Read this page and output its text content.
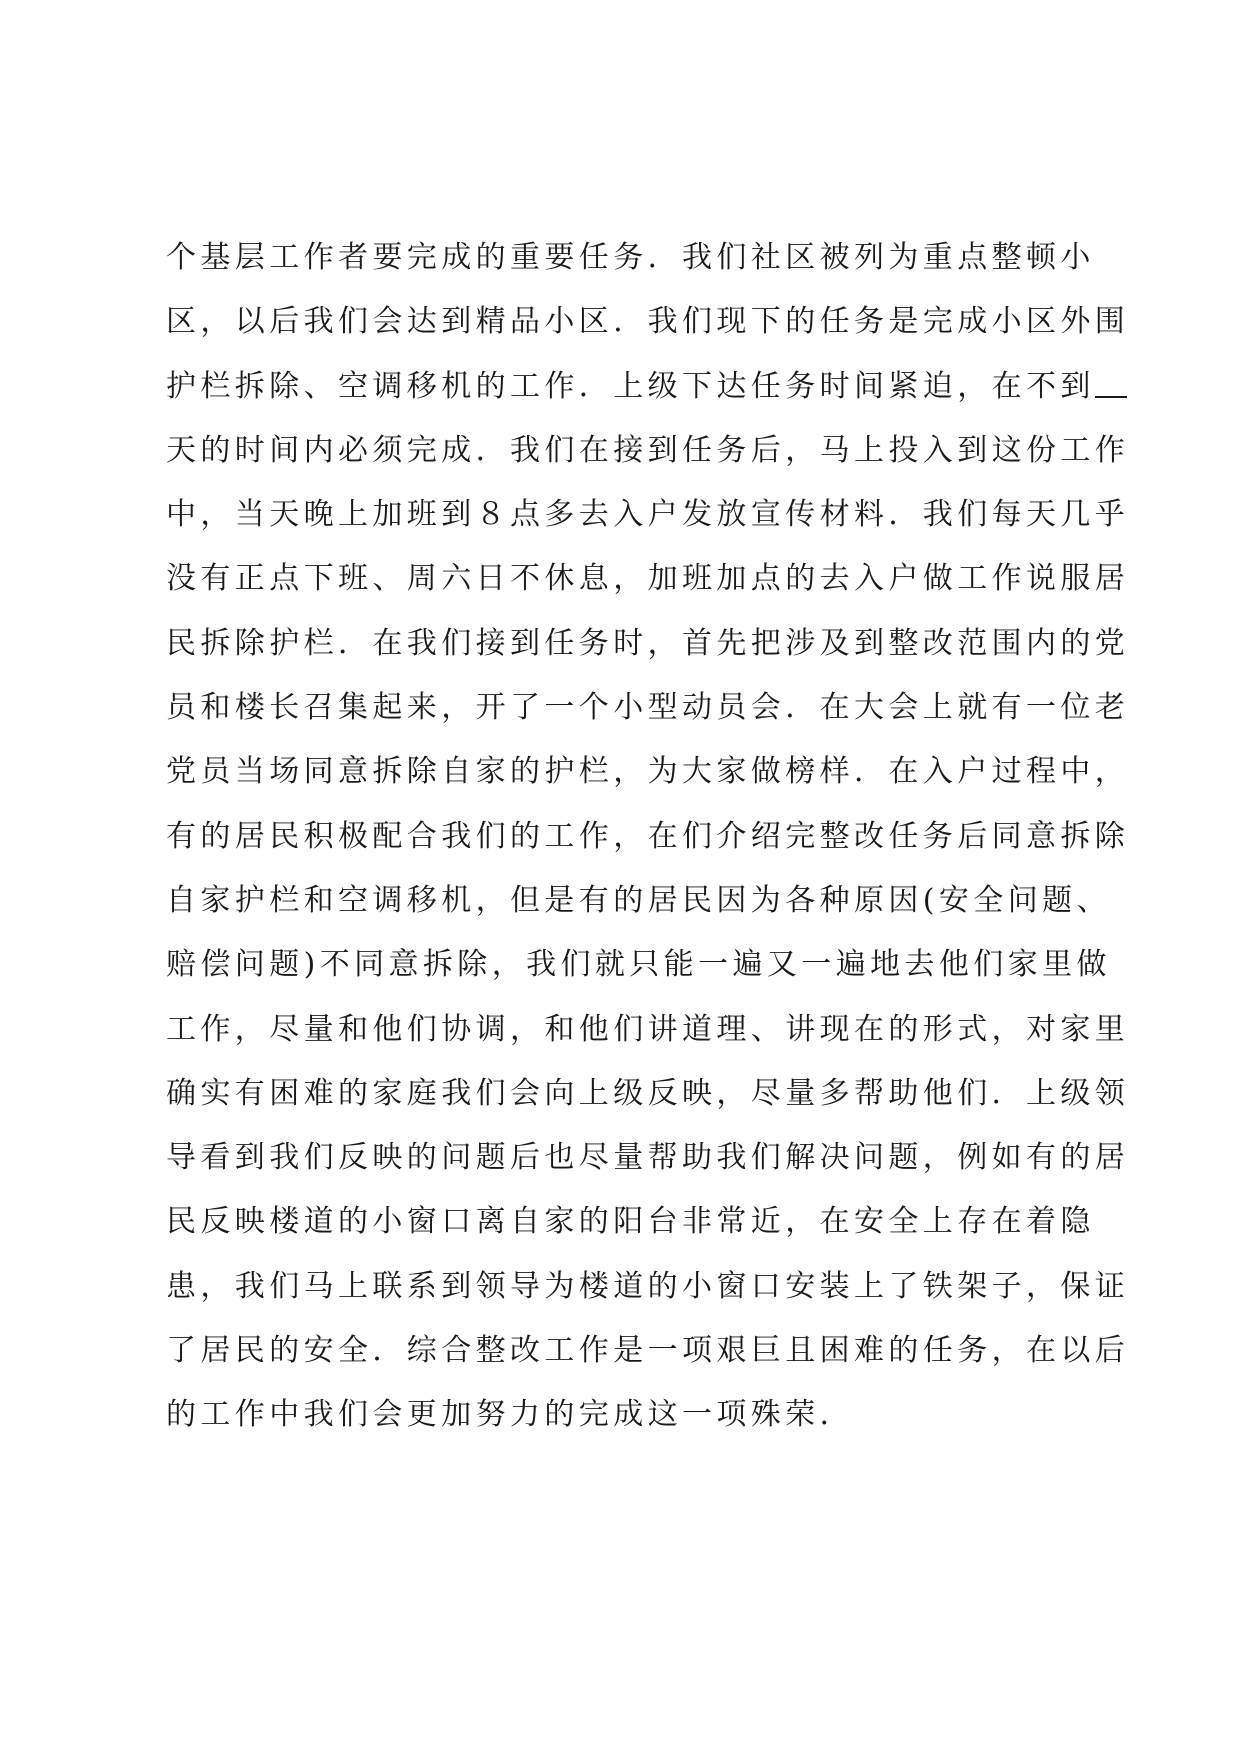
个基层工作者要完成的重要任务．我们社区被列为重点整顿小
区，以后我们会达到精品小区．我们现下的任务是完成小区外围
护栏拆除、空调移机的工作．上级下达任务时间紧迫，在不到
天的时间内必须完成．我们在接到任务后，马上投入到这份工作
中，当天晚上加班到８点多去入户发放宣传材料．我们每天几乎
没有正点下班、周六日不休息，加班加点的去入户做工作说服居
民拆除护栏．在我们接到任务时，首先把涉及到整改范围内的党
员和楼长召集起来，开了一个小型动员会．在大会上就有一位老
党员当场同意拆除自家的护栏，为大家做榜样．在入户过程中，
有的居民积极配合我们的工作，在们介绍完整改任务后同意拆除
自家护栏和空调移机，但是有的居民因为各种原因(安全问题、
赔偿问题)不同意拆除，我们就只能一遍又一遍地去他们家里做
工作，尽量和他们协调，和他们讲道理、讲现在的形式，对家里
确实有困难的家庭我们会向上级反映，尽量多帮助他们．上级领
导看到我们反映的问题后也尽量帮助我们解决问题，例如有的居
民反映楼道的小窗口离自家的阳台非常近，在安全上存在着隐
患，我们马上联系到领导为楼道的小窗口安装上了铁架子，保证
了居民的安全．综合整改工作是一项艰巨且困难的任务，在以后
的工作中我们会更加努力的完成这一项殊荣．
